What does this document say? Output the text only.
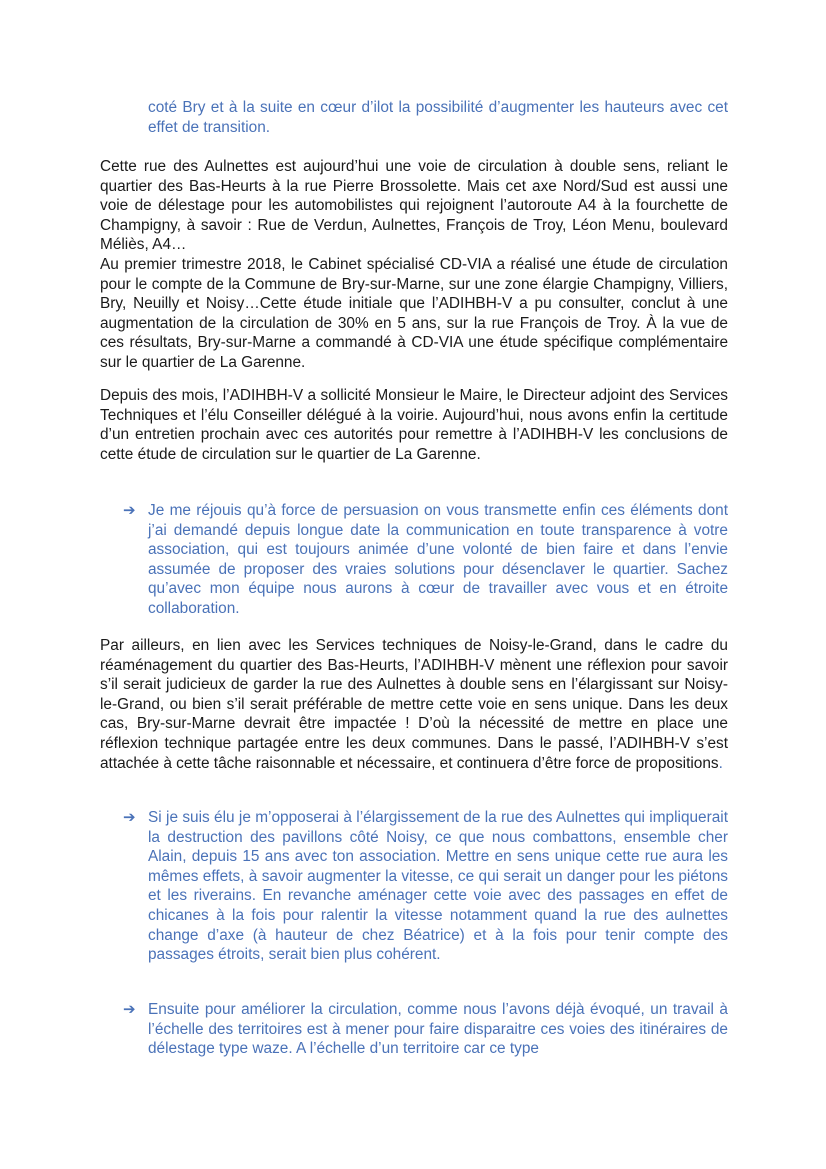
coté Bry et à la suite en cœur d’ilot la possibilité d’augmenter les hauteurs avec cet effet de transition.

Cette rue des Aulnettes est aujourd’hui une voie de circulation à double sens, reliant le quartier des Bas-Heurts à la rue Pierre Brossolette. Mais cet axe Nord/Sud est aussi une voie de délestage pour les automobilistes qui rejoignent l’autoroute A4 à la fourchette de Champigny, à savoir : Rue de Verdun, Aulnettes, François de Troy, Léon Menu, boulevard Méliès, A4…

Au premier trimestre 2018, le Cabinet spécialisé CD-VIA a réalisé une étude de circulation pour le compte de la Commune de Bry-sur-Marne, sur une zone élargie Champigny, Villiers, Bry, Neuilly et Noisy…Cette étude initiale que l’ADIHBH-V a pu consulter, conclut à une augmentation de la circulation de 30% en 5 ans, sur la rue François de Troy. À la vue de ces résultats, Bry-sur-Marne a commandé à CD-VIA une étude spécifique complémentaire sur le quartier de La Garenne.

Depuis des mois, l’ADIHBH-V a sollicité Monsieur le Maire, le Directeur adjoint des Services Techniques et l’élu Conseiller délégué à la voirie. Aujourd’hui, nous avons enfin la certitude d’un entretien prochain avec ces autorités pour remettre à l’ADIHBH-V les conclusions de cette étude de circulation sur le quartier de La Garenne.

➔ Je me réjouis qu’à force de persuasion on vous transmette enfin ces éléments dont j’ai demandé depuis longue date la communication en toute transparence à votre association, qui est toujours animée d’une volonté de bien faire et dans l’envie assumée de proposer des vraies solutions pour désenclaver le quartier. Sachez qu’avec mon équipe nous aurons à cœur de travailler avec vous et en étroite collaboration.

Par ailleurs, en lien avec les Services techniques de Noisy-le-Grand, dans le cadre du réaménagement du quartier des Bas-Heurts, l’ADIHBH-V mènent une réflexion pour savoir s’il serait judicieux de garder la rue des Aulnettes à double sens en l’élargissant sur Noisy-le-Grand, ou bien s’il serait préférable de mettre cette voie en sens unique. Dans les deux cas, Bry-sur-Marne devrait être impactée ! D’où la nécessité de mettre en place une réflexion technique partagée entre les deux communes. Dans le passé, l’ADIHBH-V s’est attachée à cette tâche raisonnable et nécessaire, et continuera d’être force de propositions.

➔ Si je suis élu je m’opposerai à l’élargissement de la rue des Aulnettes qui impliquerait la destruction des pavillons côté Noisy, ce que nous combattons, ensemble cher Alain, depuis 15 ans avec ton association. Mettre en sens unique cette rue aura les mêmes effets, à savoir augmenter la vitesse, ce qui serait un danger pour les piétons et les riverains. En revanche aménager cette voie avec des passages en effet de chicanes à la fois pour ralentir la vitesse notamment quand la rue des aulnettes change d’axe (à hauteur de chez Béatrice) et à la fois pour tenir compte des passages étroits, serait bien plus cohérent.
➔ Ensuite pour améliorer la circulation, comme nous l’avons déjà évoqué, un travail à l’échelle des territoires est à mener pour faire disparaitre ces voies des itinéraires de délestage type waze. A l’échelle d’un territoire car ce type
